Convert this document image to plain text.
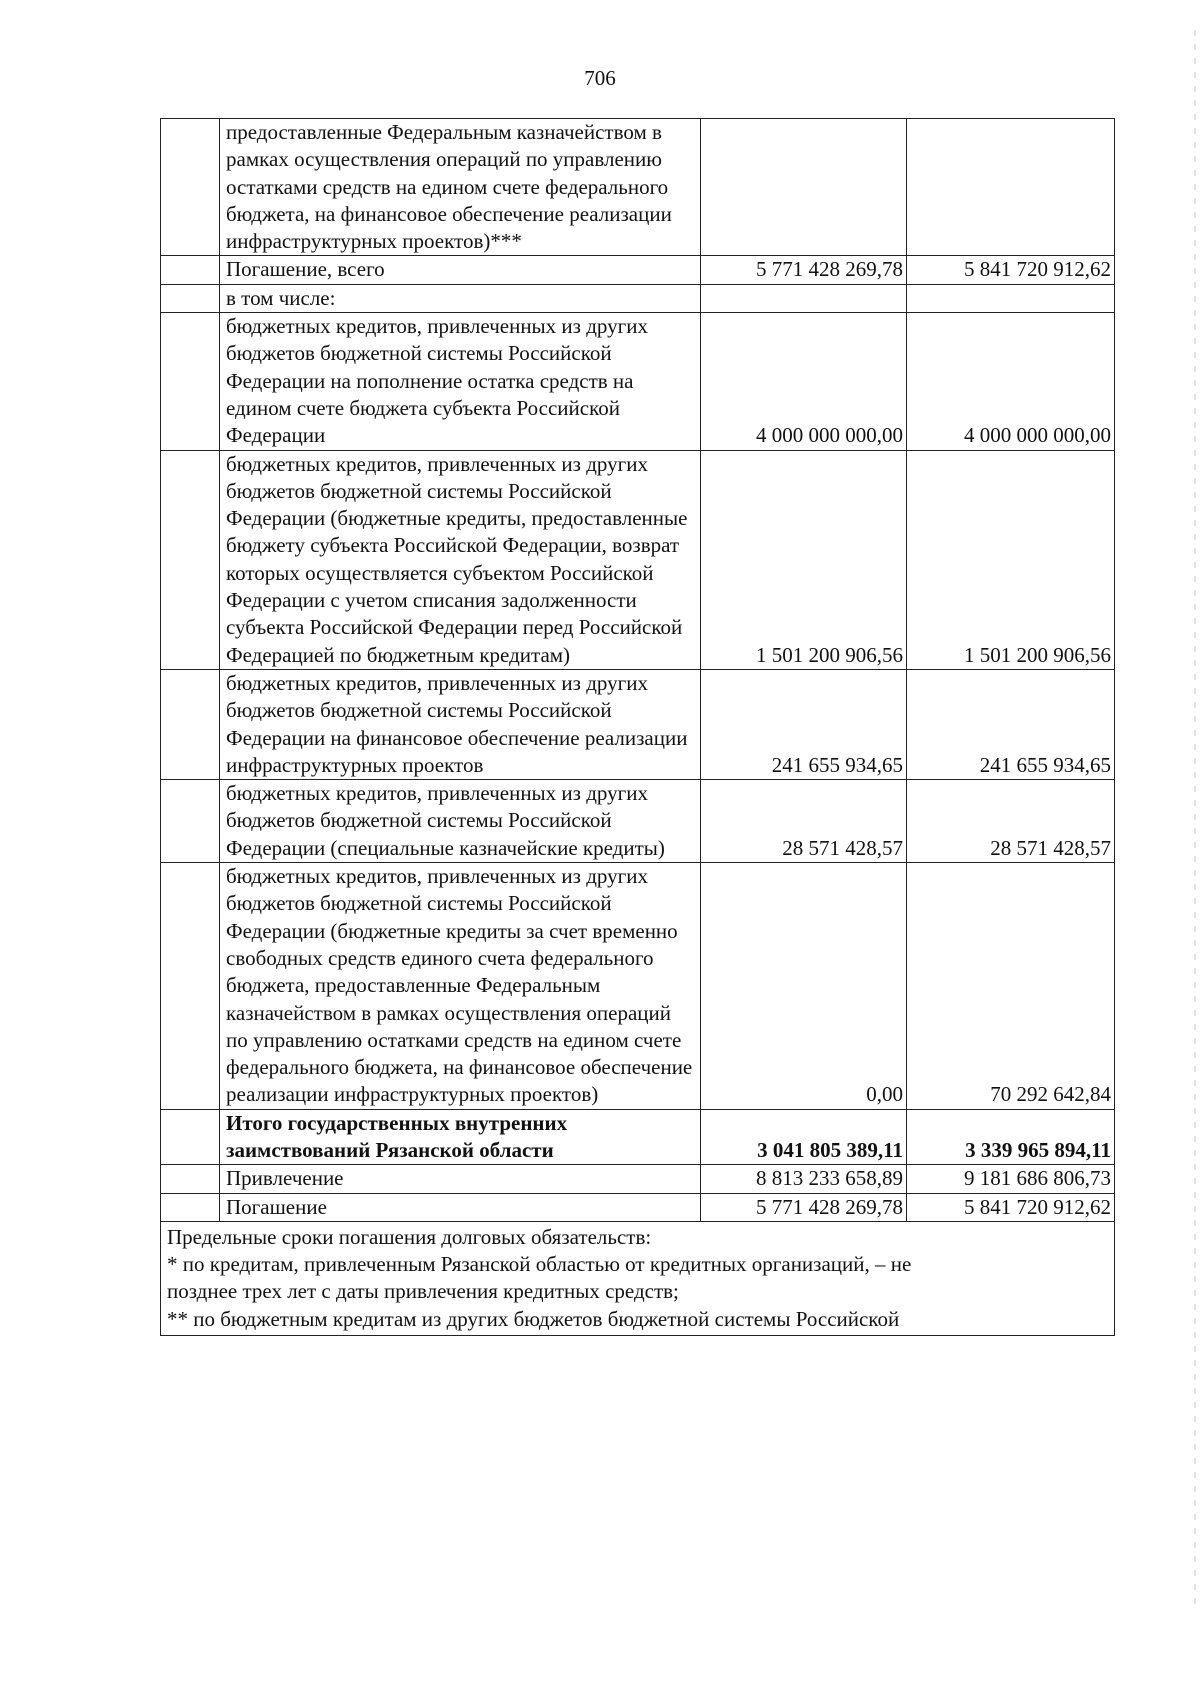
706
	предоставленные Федеральным казначейством в рамках осуществления операций по управлению остатками средств на едином счете федерального бюджета, на финансовое обеспечение реализации инфраструктурных проектов)***		
	Погашение, всего	5 771 428 269,78	5 841 720 912,62
	в том числе:		
	бюджетных кредитов, привлеченных из других бюджетов бюджетной системы Российской Федерации на пополнение остатка средств на едином счете бюджета субъекта Российской Федерации	4 000 000 000,00	4 000 000 000,00
	бюджетных кредитов, привлеченных из других бюджетов бюджетной системы Российской Федерации (бюджетные кредиты, предоставленные бюджету субъекта Российской Федерации, возврат которых осуществляется субъектом Российской Федерации с учетом списания задолженности субъекта Российской Федерации перед Российской Федерацией по бюджетным кредитам)	1 501 200 906,56	1 501 200 906,56
	бюджетных кредитов, привлеченных из других бюджетов бюджетной системы Российской Федерации на финансовое обеспечение реализации инфраструктурных проектов	241 655 934,65	241 655 934,65
	бюджетных кредитов, привлеченных из других бюджетов бюджетной системы Российской Федерации (специальные казначейские кредиты)	28 571 428,57	28 571 428,57
	бюджетных кредитов, привлеченных из других бюджетов бюджетной системы Российской Федерации (бюджетные кредиты за счет временно свободных средств единого счета федерального бюджета, предоставленные Федеральным казначейством в рамках осуществления операций по управлению остатками средств на едином счете федерального бюджета, на финансовое обеспечение реализации инфраструктурных проектов)	0,00	70 292 642,84
	Итого государственных внутренних заимствований Рязанской области	3 041 805 389,11	3 339 965 894,11
	Привлечение	8 813 233 658,89	9 181 686 806,73
	Погашение	5 771 428 269,78	5 841 720 912,62

Предельные сроки погашения долговых обязательств:
* по кредитам, привлеченным Рязанской областью от кредитных организаций, – не
позднее трех лет с даты привлечения кредитных средств;
** по бюджетным кредитам из других бюджетов бюджетной системы Российской			
